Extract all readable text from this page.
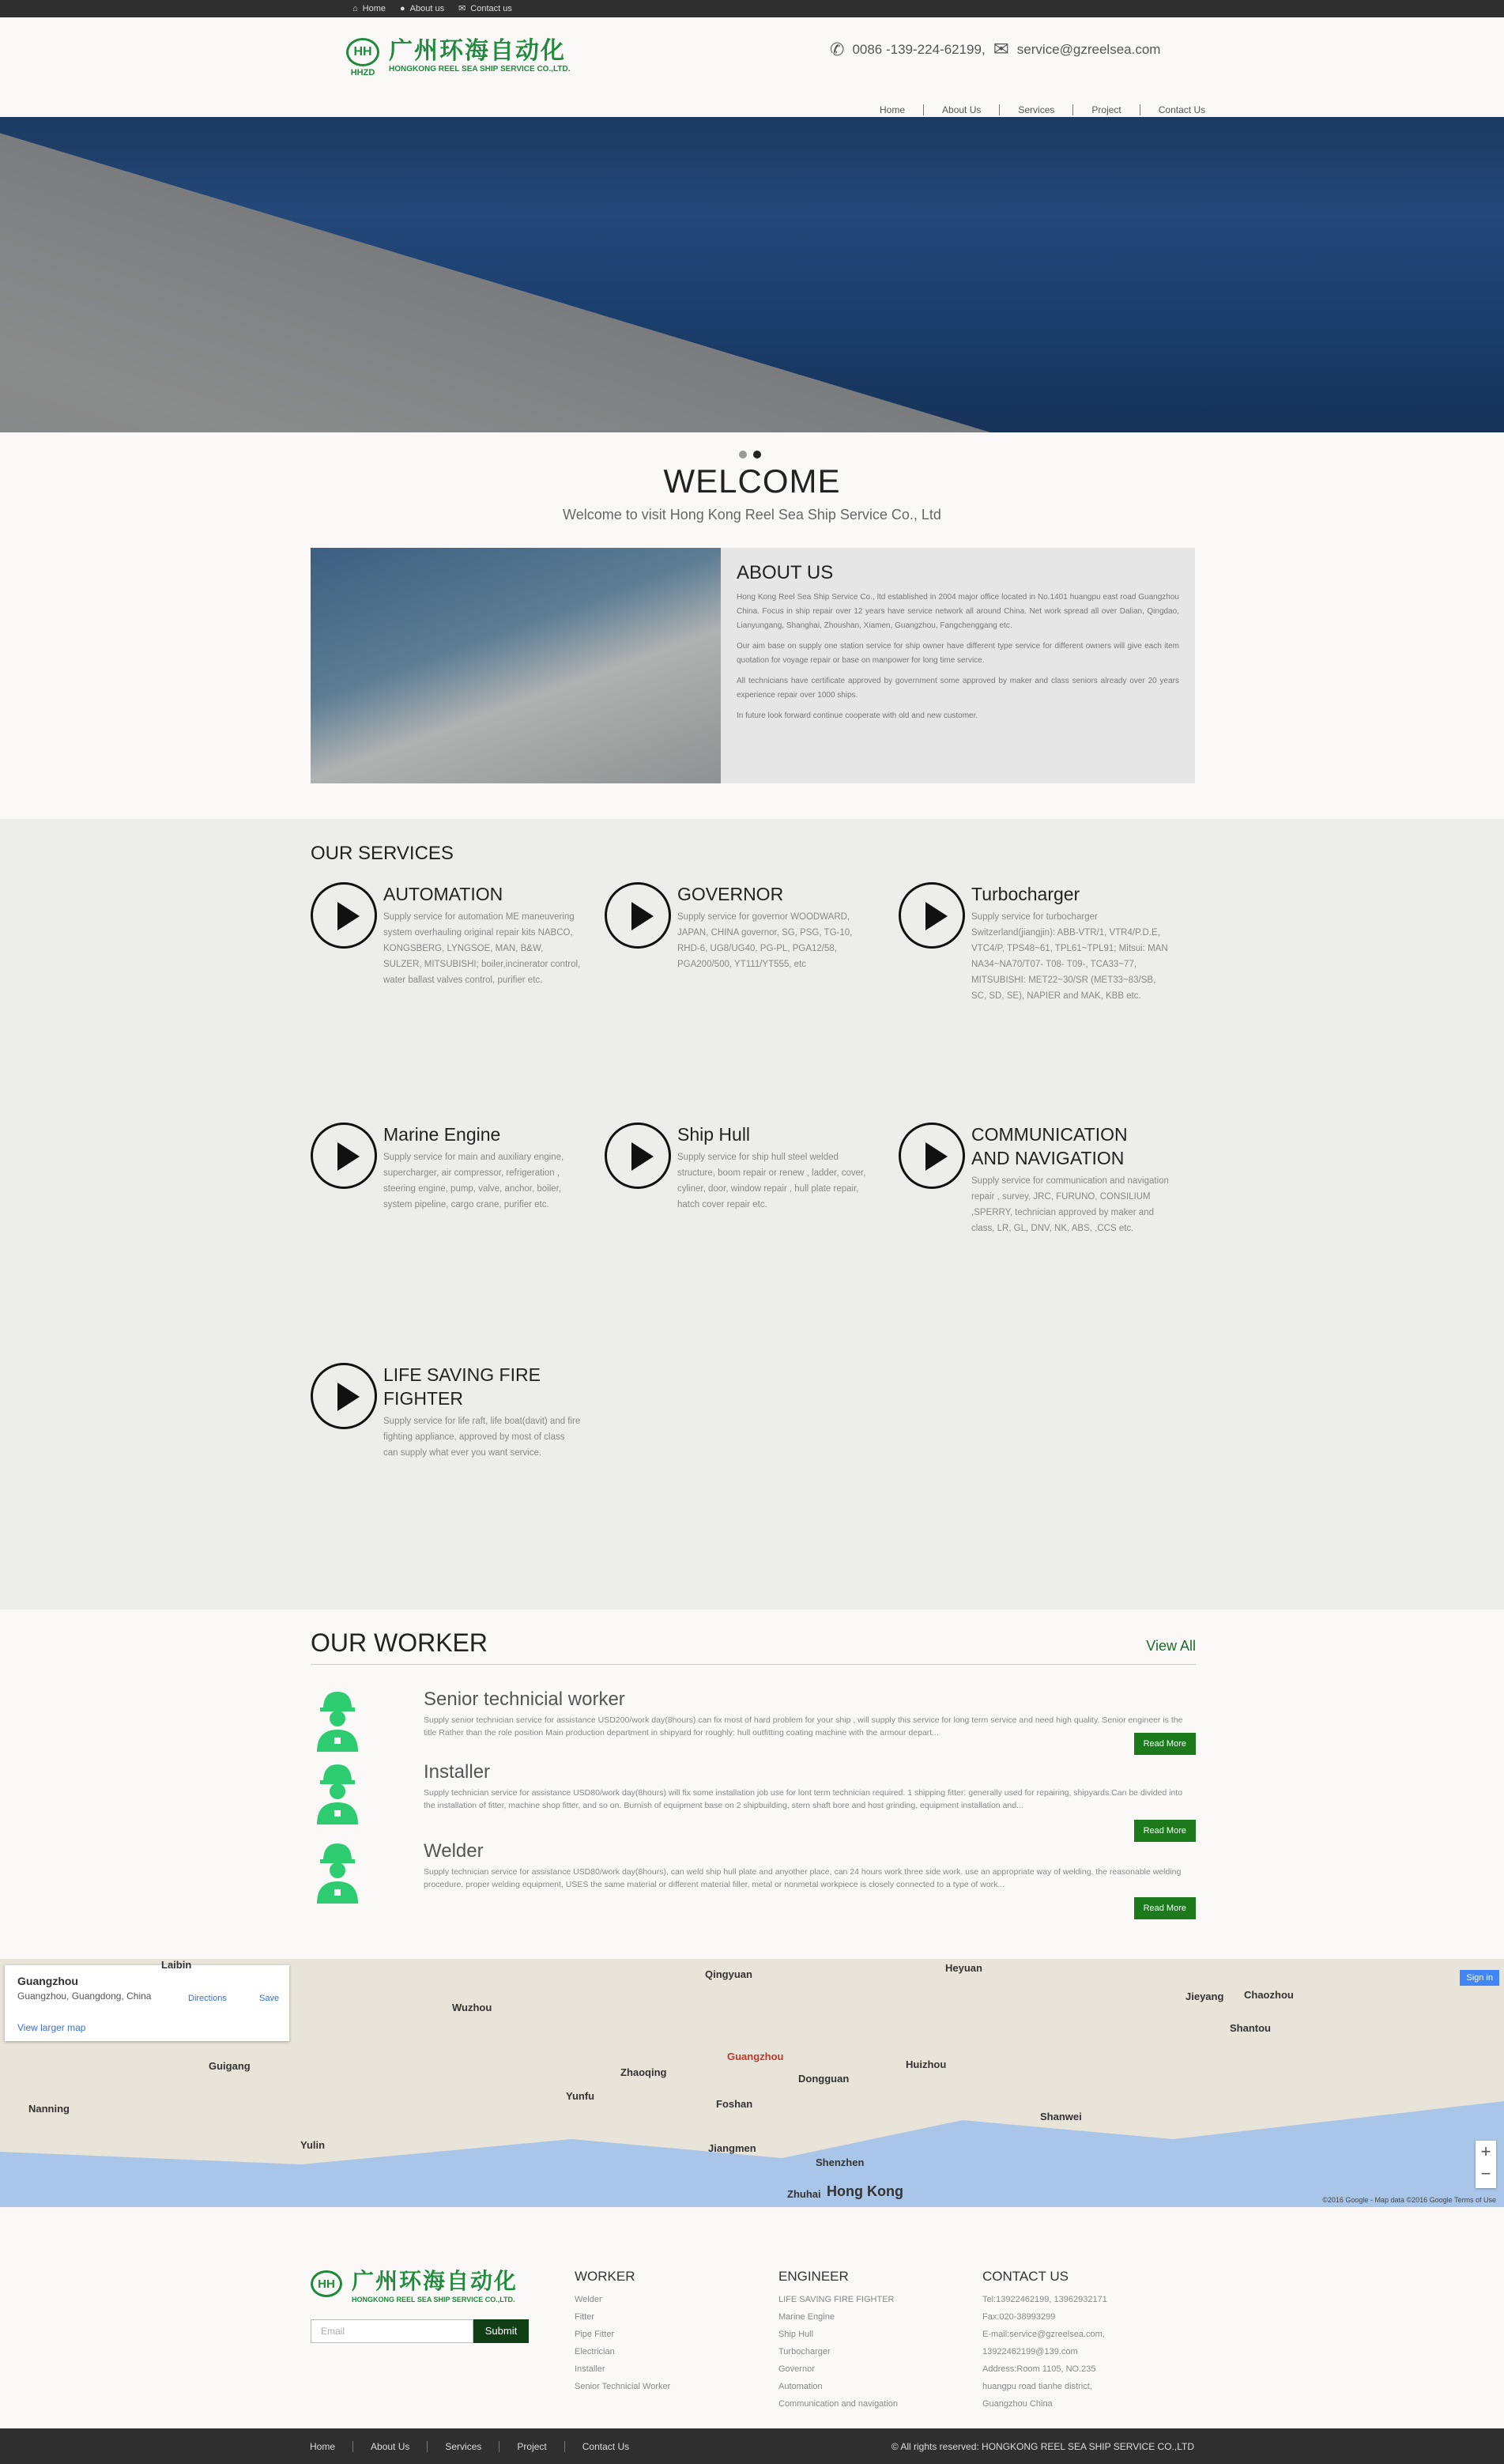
⌂ Home ● About us ✉ Contact us
HH
HHZD
广州环海自动化
HONGKONG REEL SEA SHIP SERVICE CO.,LTD.
✆ 0086 -139-224-62199, ✉ service@gzreelsea.com
Home	About Us	Services	Project	Contact Us
WELCOME

Welcome to visit Hong Kong Reel Sea Ship Service Co., Ltd

ABOUT US

Hong Kong Reel Sea Ship Service Co., ltd established in 2004 major office located in No.1401 huangpu east road Guangzhou China. Focus in ship repair over 12 years have service network all around China. Net work spread all over Dalian, Qingdao, Lianyungang, Shanghai, Zhoushan, Xiamen, Guangzhou, Fangchenggang etc.

Our aim base on supply one station service for ship owner have different type service for different owners will give each item quotation for voyage repair or base on manpower for long time service.

All technicians have certificate approved by government some approved by maker and class seniors already over 20 years experience repair over 1000 ships.

In future look forward continue cooperate with old and new customer.

OUR SERVICES
AUTOMATION

Supply service for automation ME maneuvering system overhauling original repair kits NABCO, KONGSBERG, LYNGSOE, MAN, B&W, SULZER, MITSUBISHI; boiler,incinerator control, water ballast valves control, purifier etc.

GOVERNOR

Supply service for governor WOODWARD, JAPAN, CHINA governor, SG, PSG, TG-10, RHD-6, UG8/UG40, PG-PL, PGA12/58, PGA200/500, YT111/YT555, etc

Turbocharger

Supply service for turbocharger Switzerland(jiangjin): ABB-VTR/1, VTR4/P.D.E, VTC4/P, TPS48~61, TPL61~TPL91; Mitsui: MAN NA34~NA70/T07- T08- T09-, TCA33~77, MITSUBISHI: MET22~30/SR (MET33~83/SB, SC, SD, SE), NAPIER and MAK, KBB etc.

Marine Engine

Supply service for main and auxiliary engine, supercharger, air compressor, refrigeration , steering engine, pump, valve, anchor, boiler, system pipeline, cargo crane, purifier etc.

Ship Hull

Supply service for ship hull steel welded structure, boom repair or renew , ladder, cover, cyliner, door, window repair , hull plate repair, hatch cover repair etc.

COMMUNICATION AND NAVIGATION

Supply service for communication and navigation repair , survey, JRC, FURUNO, CONSILIUM ,SPERRY, technician approved by maker and class, LR, GL, DNV, NK, ABS, ,CCS etc.

LIFE SAVING FIRE FIGHTER

Supply service for life raft, life boat(davit) and fire fighting appliance, approved by most of class can supply what ever you want service.

OUR WORKER	View All
Senior technicial worker

Supply senior technician service for assistance USD200/work day(8hours) can fix most of hard problem for your ship , will supply this service for long term service and need high quality. Senior engineer is the title Rather than the role position Main production department in shipyard for roughly: hull outfitting coating machine with the armour depart...

Read More
Installer

Supply technician service for assistance USD80/work day(8hours) will fix some installation job use for lont term technician required. 1 shipping fitter: generally used for repairing, shipyards.Can be divided into the installation of fitter, machine shop fitter, and so on. Burnish of equipment base on 2 shipbuilding, stern shaft bore and host grinding, equipment installation and...

Read More
Welder

Supply technician service for assistance USD80/work day(8hours), can weld ship hull plate and anyother place, can 24 hours work three side work. use an appropriate way of welding, the reasonable welding procedure, proper welding equipment, USES the same material or different material filler, metal or nonmetal workpiece is closely connected to a type of work...

Read More
Guangzhou
Guangzhou, Guangdong, China	Directions	Save
View larger map
Guangzhou
Dongguan
Foshan
Zhaoqing
Jiangmen
Shenzhen
Hong Kong
Huizhou
Shanwei
Qingyuan
Heyuan
Chaozhou
Shantou
Wuzhou
Yunfu
Guigang
Nanning
Yulin
Laibin
Jieyang
Zhuhai
Sign in
+
−
©2016 Google - Map data ©2016 Google Terms of Use
HH 广州环海自动化
HONGKONG REEL SEA SHIP SERVICE CO.,LTD.
Email	Submit
WORKER
Welder
Fitter
Pipe Fitter
Electrician
Installer
Senior Technicial Worker
ENGINEER
LIFE SAVING FIRE FIGHTER
Marine Engine
Ship Hull
Turbocharger
Governor
Automation
Communication and navigation
CONTACT US
Tel:13922462199, 13962932171
Fax:020-38993299
E-mail:service@gzreelsea.com,
13922462199@139.com
Address:Room 1105, NO.235
huangpu road tianhe district,
Guangzhou China
Home	About Us	Services	Project	Contact Us	© All rights reserved: HONGKONG REEL SEA SHIP SERVICE CO.,LTD
